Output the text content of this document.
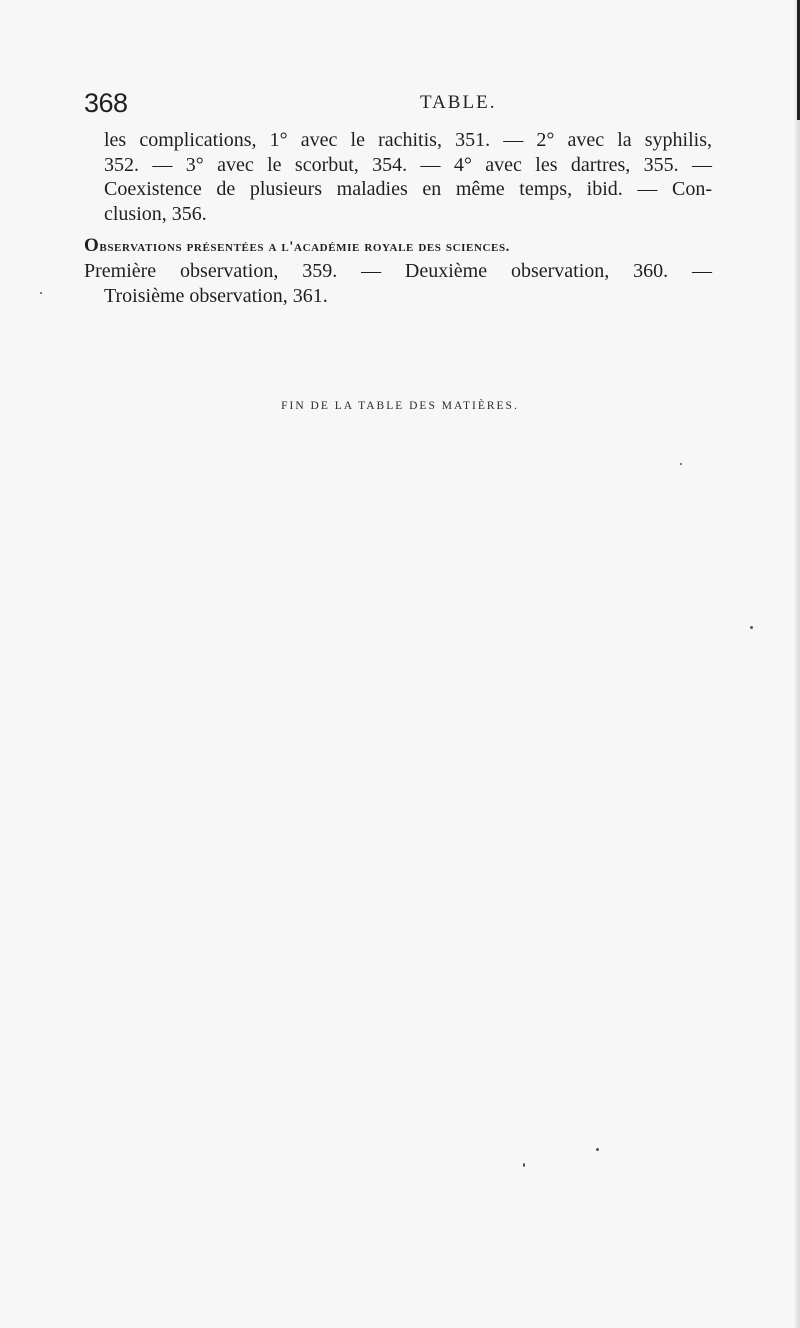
368	TABLE.
les complications, 1° avec le rachitis, 351. — 2° avec la syphilis,
352. — 3° avec le scorbut, 354. — 4° avec les dartres, 355. —
Coexistence de plusieurs maladies en même temps, ibid. — Con-
clusion, 356.
Observations présentées a l'académie royale des sciences.
Première observation, 359. — Deuxième observation, 360. —
Troisième observation, 361.
FIN DE LA TABLE DES MATIÈRES.
